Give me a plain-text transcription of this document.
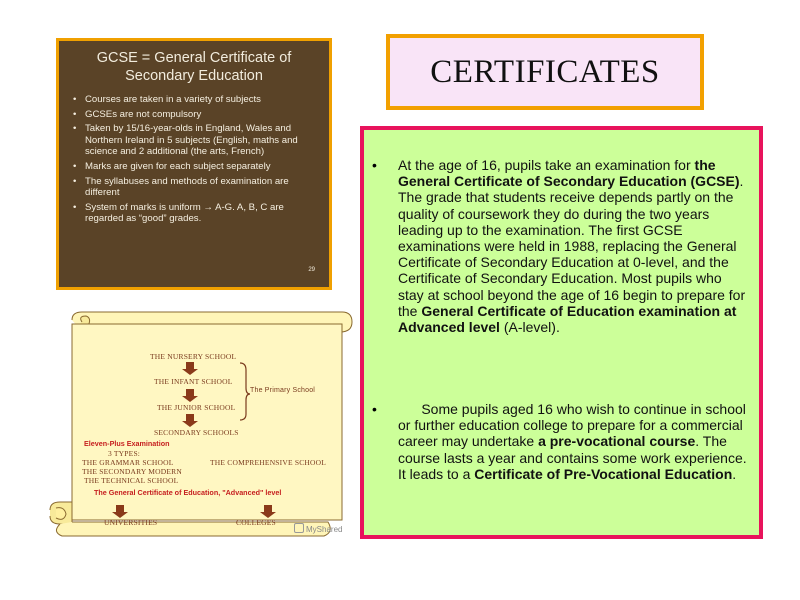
GCSE = General Certificate of
Secondary Education
• Courses are taken in a variety of subjects
• GCSEs are not compulsory
• Taken by 15/16-year-olds in England, Wales and Northern Ireland in 5 subjects (English, maths and science and 2 additional (the arts, French)
• Marks are given for each subject separately
• The syllabuses and methods of examination are different
• System of marks is uniform → A-G. A, B, C are regarded as “good” grades.
29
CERTIFICATES
• At the age of 16, pupils take an examination for the General Certificate of Secondary Education (GCSE). The grade that students receive depends partly on the quality of coursework they do during the two years leading up to the examination. The first GCSE examinations were held in 1988, replacing the General Certificate of Secondary Education at 0-level, and the Certificate of Secondary Education. Most pupils who stay at school beyond the age of 16 begin to prepare for the General Certificate of Education examination at Advanced level (A-level).
• Some pupils aged 16 who wish to continue in school or further education college to prepare for a commercial career may undertake a pre-vocational course. The course lasts a year and contains some work experience. It leads to a Certificate of Pre-Vocational Education.
THE NURSERY SCHOOL
THE INFANT SCHOOL
THE JUNIOR SCHOOL
The Primary School
SECONDARY SCHOOLS
Eleven-Plus Examination
3 TYPES:
THE GRAMMAR SCHOOL
THE SECONDARY MODERN
THE TECHNICAL SCHOOL
THE COMPREHENSIVE SCHOOL
The General Certificate of Education, "Advanced" level
UNIVERSITIES	COLLEGES
MyShared
